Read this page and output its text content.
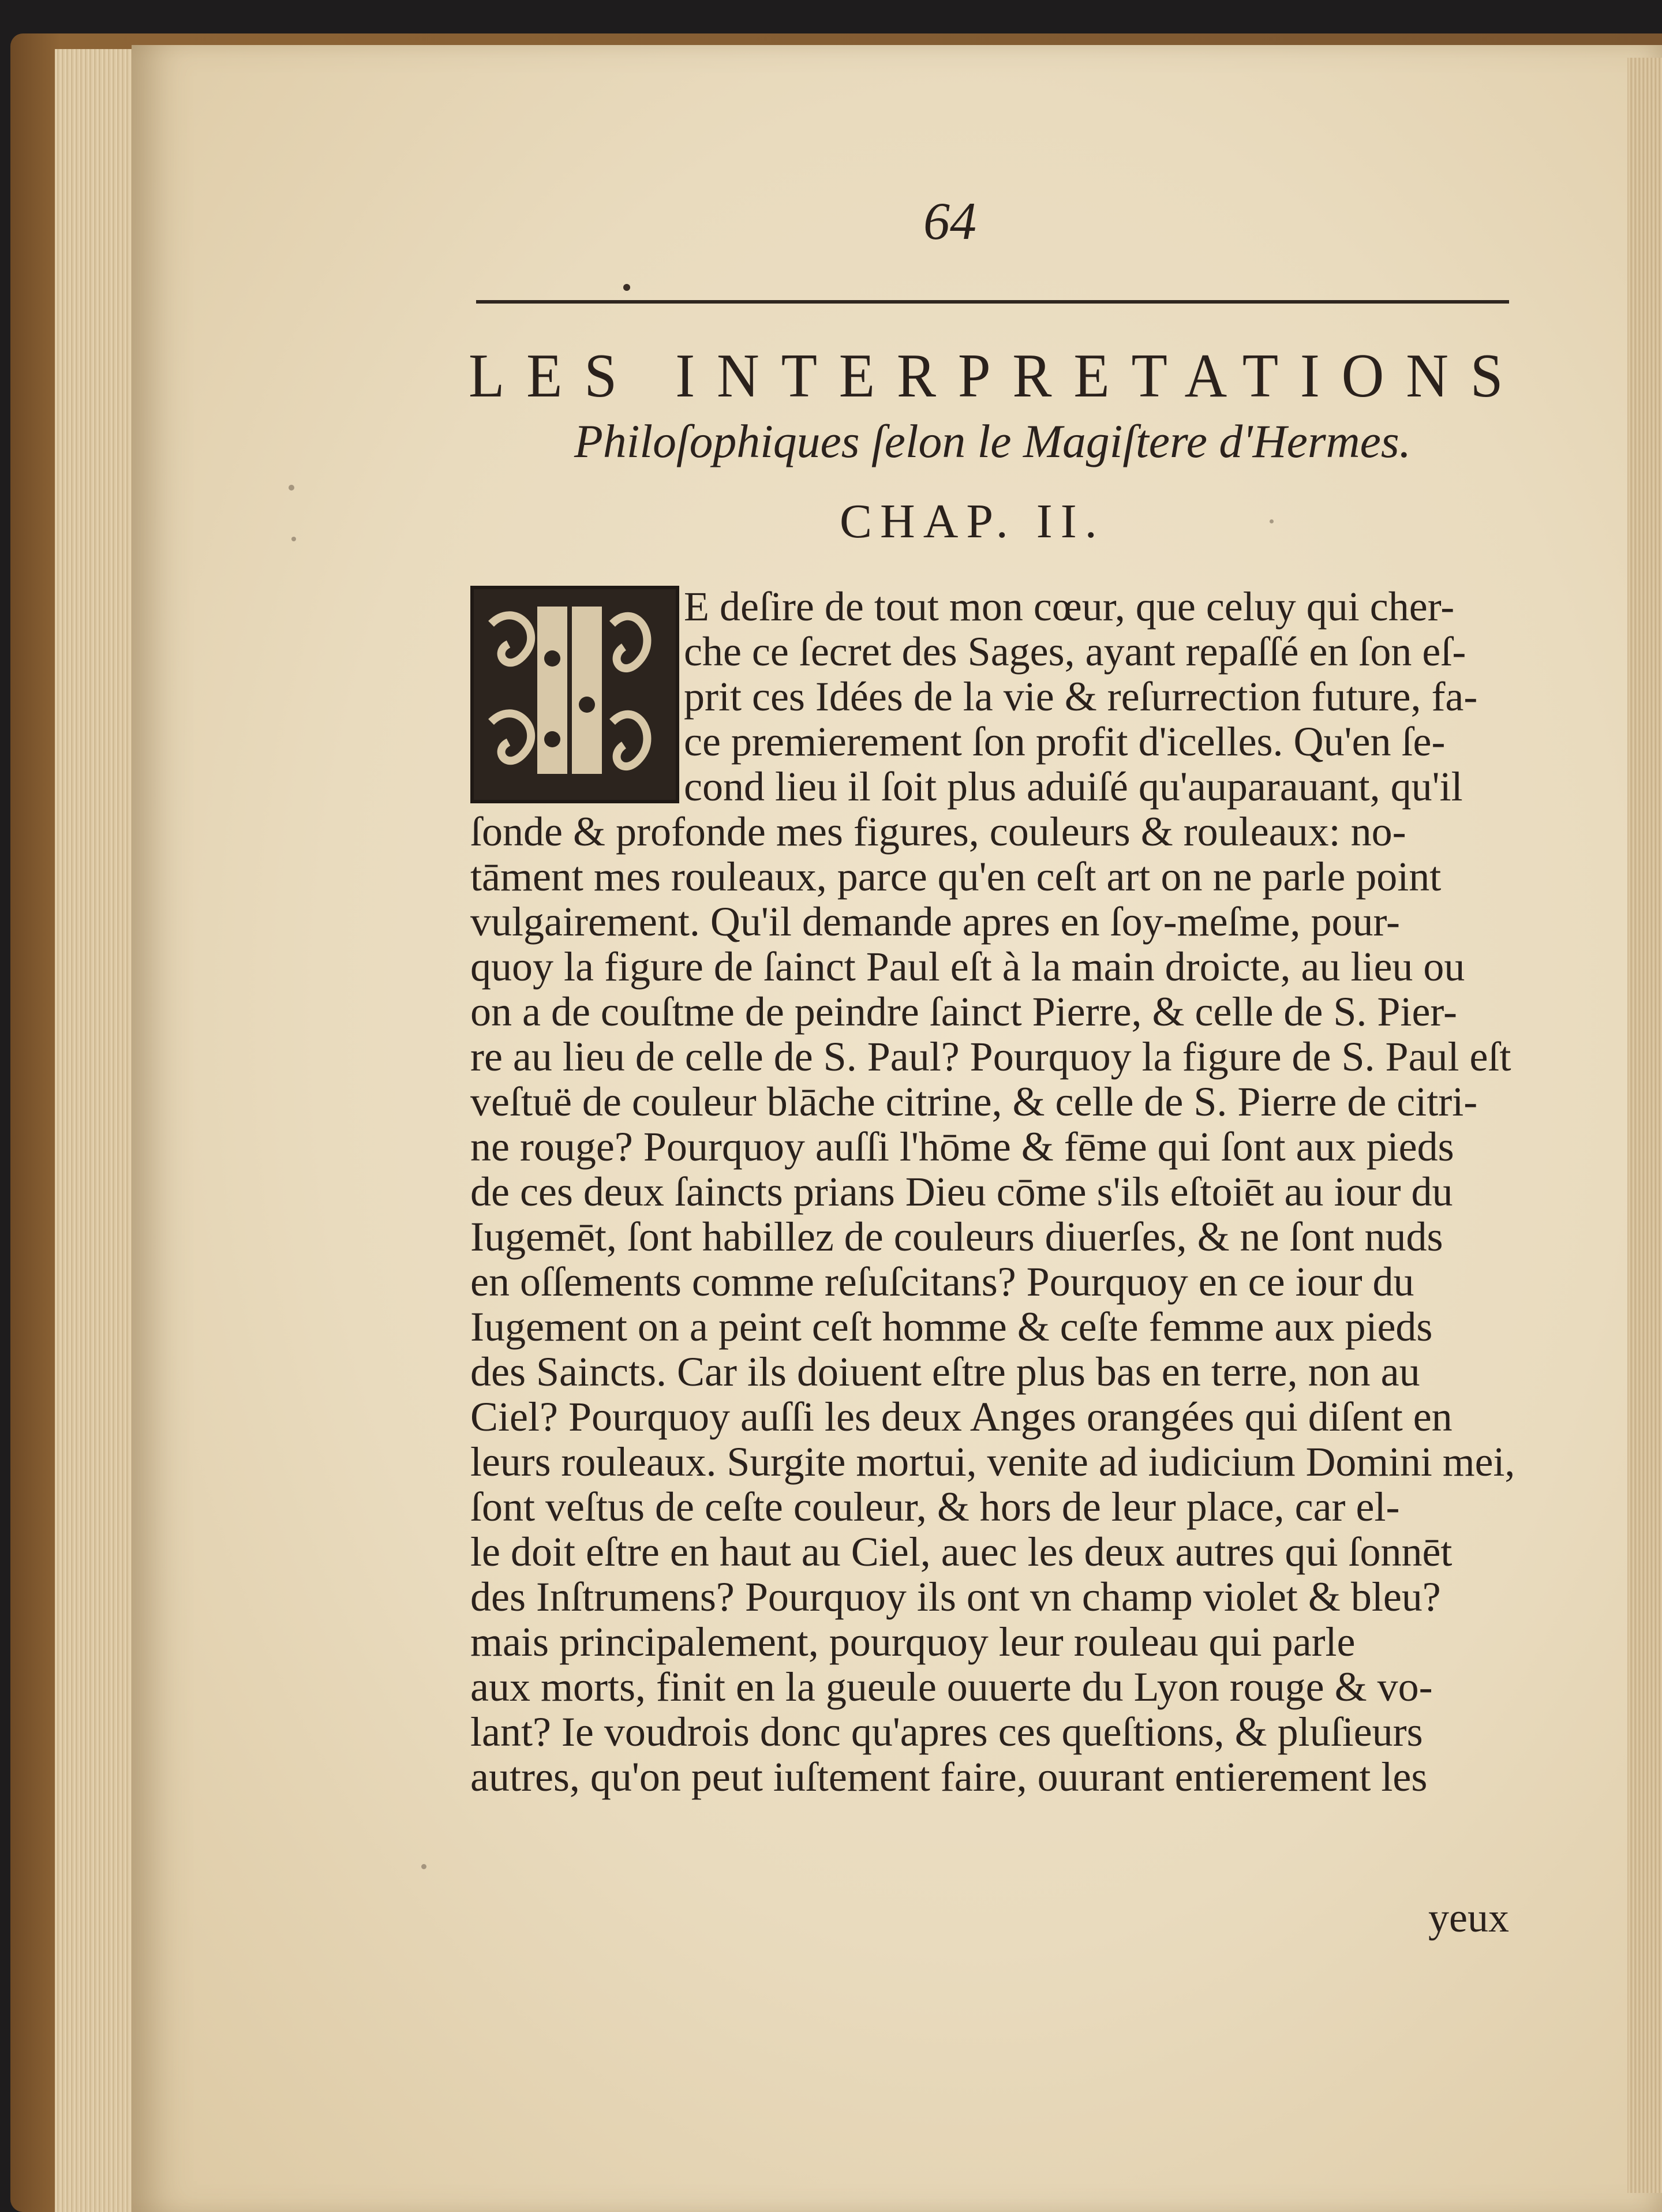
64
LES INTERPRETATIONS
Philoſophiques ſelon le Magiſtere d'Hermes.
CHAP. II.
E deſire de tout mon cœur, que celuy qui cher-
che ce ſecret des Sages, ayant repaſſé en ſon eſ-
prit ces Idées de la vie & reſurrection future, fa-
ce premierement ſon profit d'icelles. Qu'en ſe-
cond lieu il ſoit plus aduiſé qu'auparauant, qu'il
ſonde & profonde mes figures, couleurs & rouleaux: no-
tāment mes rouleaux, parce qu'en ceſt art on ne parle point
vulgairement. Qu'il demande apres en ſoy-meſme, pour-
quoy la figure de ſainct Paul eſt à la main droicte, au lieu ou
on a de couſtme de peindre ſainct Pierre, & celle de S. Pier-
re au lieu de celle de S. Paul? Pourquoy la figure de S. Paul eſt
veſtuë de couleur blāche citrine, & celle de S. Pierre de citri-
ne rouge? Pourquoy auſſi l'hōme & fēme qui ſont aux pieds
de ces deux ſaincts prians Dieu cōme s'ils eſtoiēt au iour du
Iugemēt, ſont habillez de couleurs diuerſes, & ne ſont nuds
en oſſements comme reſuſcitans? Pourquoy en ce iour du
Iugement on a peint ceſt homme & ceſte femme aux pieds
des Saincts. Car ils doiuent eſtre plus bas en terre, non au
Ciel? Pourquoy auſſi les deux Anges orangées qui diſent en
leurs rouleaux. Surgite mortui, venite ad iudicium Domini mei,
ſont veſtus de ceſte couleur, & hors de leur place, car el-
le doit eſtre en haut au Ciel, auec les deux autres qui ſonnēt
des Inſtrumens? Pourquoy ils ont vn champ violet & bleu?
mais principalement, pourquoy leur rouleau qui parle
aux morts, finit en la gueule ouuerte du Lyon rouge & vo-
lant? Ie voudrois donc qu'apres ces queſtions, & pluſieurs
autres, qu'on peut iuſtement faire, ouurant entierement les
yeux
